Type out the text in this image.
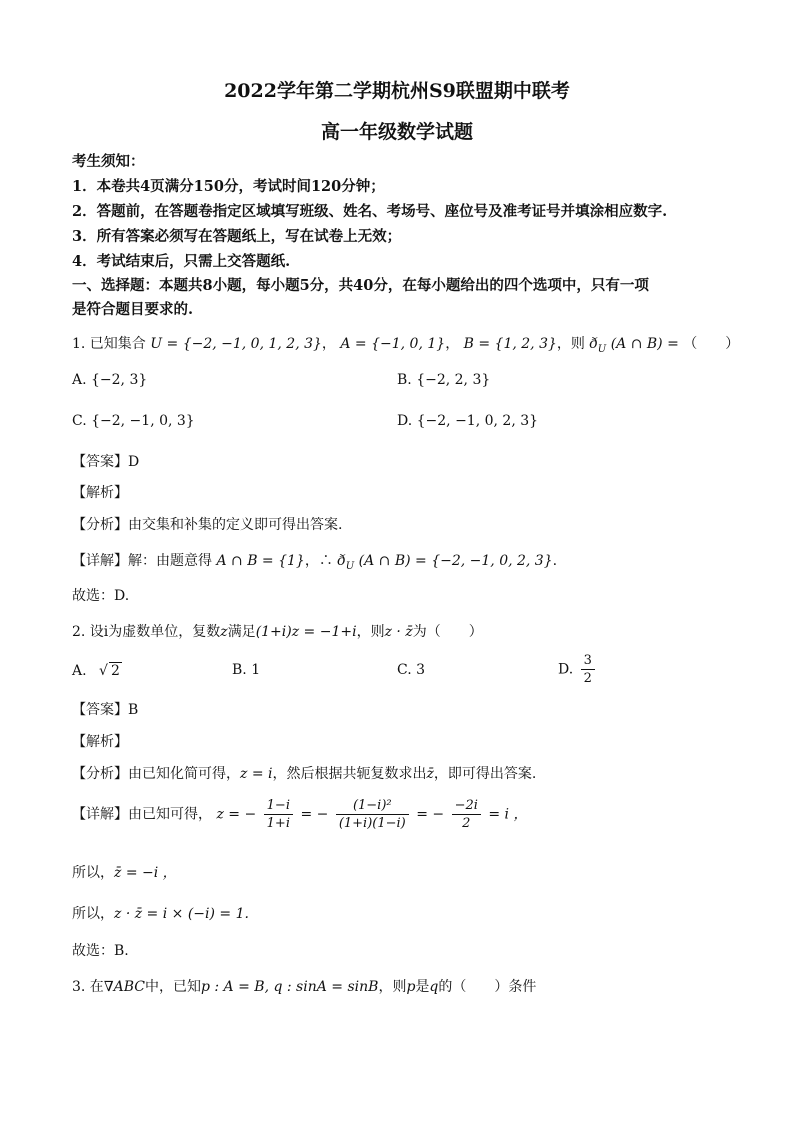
2022学年第二学期杭州S9联盟期中联考
高一年级数学试题
考生须知：
1．本卷共4页满分150分，考试时间120分钟；
2．答题前，在答题卷指定区域填写班级、姓名、考场号、座位号及准考证号并填涂相应数字.
3．所有答案必须写在答题纸上，写在试卷上无效；
4．考试结束后，只需上交答题纸.
一、选择题：本题共8小题，每小题5分，共40分，在每小题给出的四个选项中，只有一项
是符合题目要求的.
1. 已知集合 U = {−2, −1, 0, 1, 2, 3}， A = {−1, 0, 1}， B = {1, 2, 3}，则 $ð_U$ (A ∩ B) = （　　）
A. {−2, 3}	B. {−2, 2, 3}
C. {−2, −1, 0, 3}	D. {−2, −1, 0, 2, 3}
【答案】D
【解析】
【分析】由交集和补集的定义即可得出答案.
【详解】解：由题意得 A ∩ B = {1}，∴ $ð_U$ (A ∩ B) = {−2, −1, 0, 2, 3}.
故选：D.
2. 设i为虚数单位，复数z满足(1+i)z = −1+i，则z · z̄为（　　）
A. √ 2	B. 1	C. 3	D. $\frac{3}{2}$
【答案】B
【解析】
【分析】由已知化简可得，z = i，然后根据共轭复数求出z̄，即可得出答案.
【详解】由已知可得， z = − $\frac{1-i}{1+i}$ = − $\frac{\text{(1−i)²}}{(1+i)(1-i)}$ = − $\frac{-2i}{2} = i$ ，
所以，z̄ = −i ，
所以，z · z̄ = i × (−i) = 1.
故选：B.
3. 在∇ABC中，已知p : A = B, q : sinA = sinB，则p是q的（　　）条件
